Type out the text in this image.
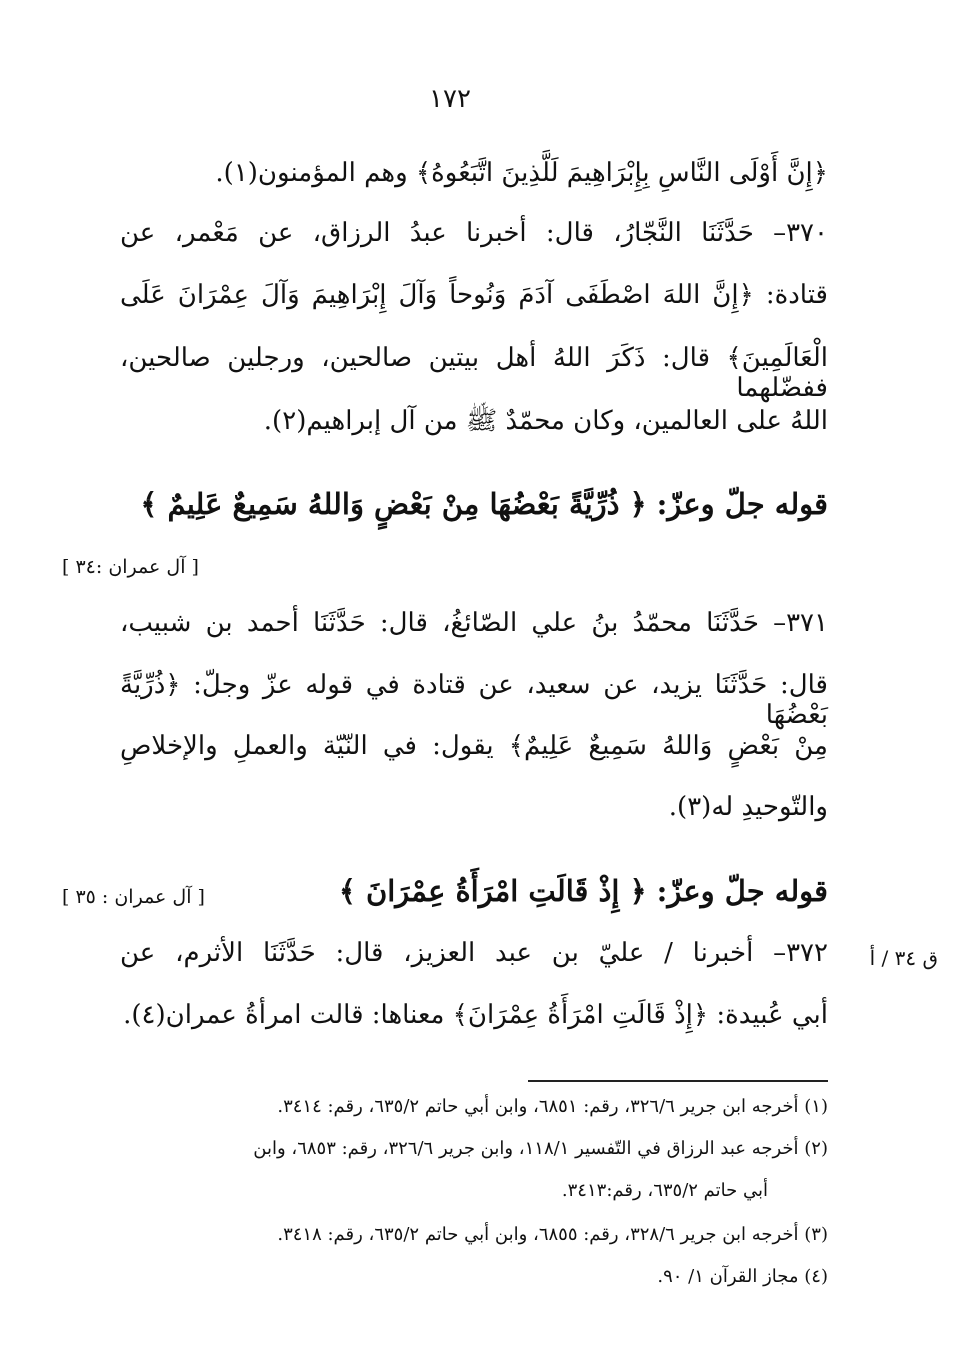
١٧٢
﴿إِنَّ أَوْلَى النَّاسِ بِإِبْرَاهِيمَ لَلَّذِينَ اتَّبَعُوهُ﴾ وهم المؤمنون(١).
٣٧٠– حَدَّثَنَا النَّجّارُ، قال: أخبرنا عبدُ الرزاق، عن مَعْمر، عن
قتادة: ﴿إِنَّ اللهَ اصْطَفَى آدَمَ وَنُوحاً وَآلَ إِبْرَاهِيمَ وَآلَ عِمْرَانَ عَلَى
الْعَالَمِينَ﴾ قال: ذَكَرَ اللهُ أهل بيتين صالحين، ورجلين صالحين، ففضّلهما
اللهُ على العالمين، وكان محمّدٌ ﷺ من آل إبراهيم(٢).
قوله جلّ وعزّ: ﴿ ذُرِّيَّةً بَعْضُهَا مِنْ بَعْضٍ وَاللهُ سَمِيعٌ عَلِيمٌ ﴾
[ آل عمران :٣٤ ]
٣٧١– حَدَّثَنَا محمّدُ بنُ علي الصّائغُ، قال: حَدَّثَنَا أحمد بن شبيب،
قال: حَدَّثَنَا يزيد، عن سعيد، عن قتادة في قوله عزّ وجلّ: ﴿ذُرِّيَّةً بَعْضُهَا
مِنْ بَعْضٍ وَاللهُ سَمِيعٌ عَلِيمٌ﴾ يقول: في النّيّة والعملِ والإخلاصِ
والتّوحيدِ له(٣).
قوله جلّ وعزّ: ﴿ إِذْ قَالَتِ امْرَأَةُ عِمْرَانَ ﴾
[ آل عمران : ٣٥ ]
ق ٣٤ / أ
٣٧٢– أخبرنا / عليّ بن عبد العزيز، قال: حَدَّثَنَا الأثرم، عن
أبي عُبيدة: ﴿إِذْ قَالَتِ امْرَأَةُ عِمْرَانَ﴾ معناها: قالت امرأةُ عمران(٤).
(١) أخرجه ابن جرير ٣٢٦/٦، رقم: ٦٨٥١، وابن أبي حاتم ٦٣٥/٢، رقم: ٣٤١٤.
(٢) أخرجه عبد الرزاق في التّفسير ١١٨/١، وابن جرير ٣٢٦/٦، رقم: ٦٨٥٣، وابن
أبي حاتم ٦٣٥/٢، رقم:٣٤١٣.
(٣) أخرجه ابن جرير ٣٢٨/٦، رقم: ٦٨٥٥، وابن أبي حاتم ٦٣٥/٢، رقم: ٣٤١٨.
(٤) مجاز القرآن ١/ ٩٠.
